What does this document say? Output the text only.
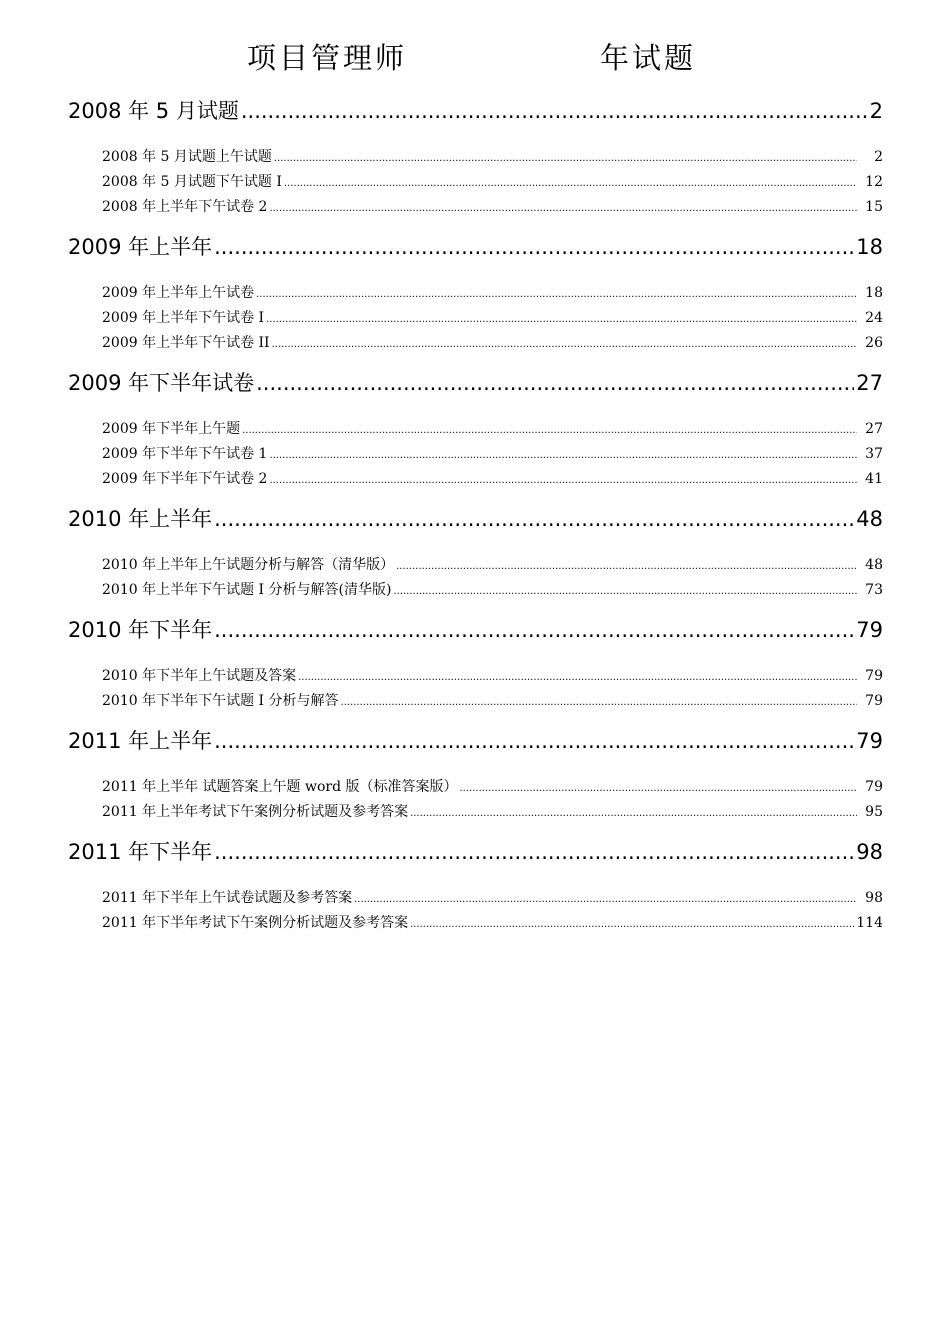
项目管理师	年试题
2008 年 5 月试题 .....	2
2008 年 5 月试题上午试题 .....	2
2008 年 5 月试题下午试题 I .....	12
2008 年上半年下午试卷 2 .....	15
2009 年上半年 .....	18
2009 年上半年上午试卷 .....	18
2009 年上半年下午试卷 I .....	24
2009 年上半年下午试卷 II .....	26
2009 年下半年试卷 .....	27
2009 年下半年上午题 .....	27
2009 年下半年下午试卷 1 .....	37
2009 年下半年下午试卷 2 .....	41
2010 年上半年 .....	48
2010 年上半年上午试题分析与解答（清华版） .....	48
2010 年上半年下午试题 I 分析与解答(清华版) .....	73
2010 年下半年 .....	79
2010 年下半年上午试题及答案 .....	79
2010 年下半年下午试题 I 分析与解答 .....	79
2011 年上半年 .....	79
2011 年上半年 试题答案上午题 word 版（标准答案版） .....	79
2011 年上半年考试下午案例分析试题及参考答案 .....	95
2011 年下半年 .....	98
2011 年下半年上午试卷试题及参考答案 .....	98
2011 年下半年考试下午案例分析试题及参考答案 .....	114
